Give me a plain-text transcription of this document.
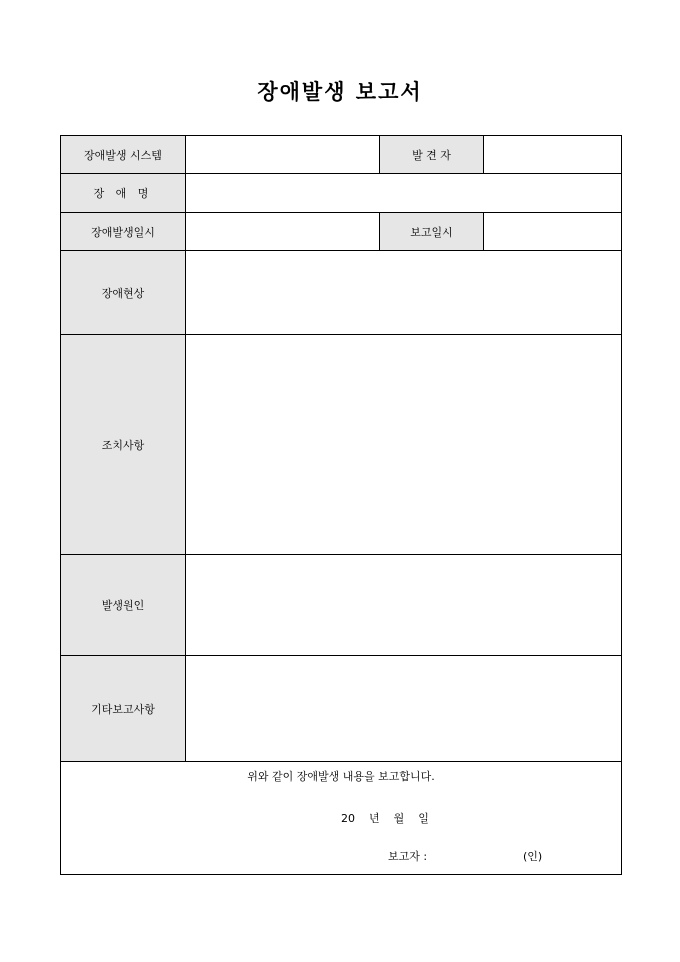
장애발생 보고서
장애발생 시스템		발 견 자	
장 애 명			
장애발생일시		보고일시	
장애현상			
조치사항			
발생원인			
기타보고사항			

위와 같이 장애발생 내용을 보고합니다.
20    년    월    일
보고자 : (인)			
